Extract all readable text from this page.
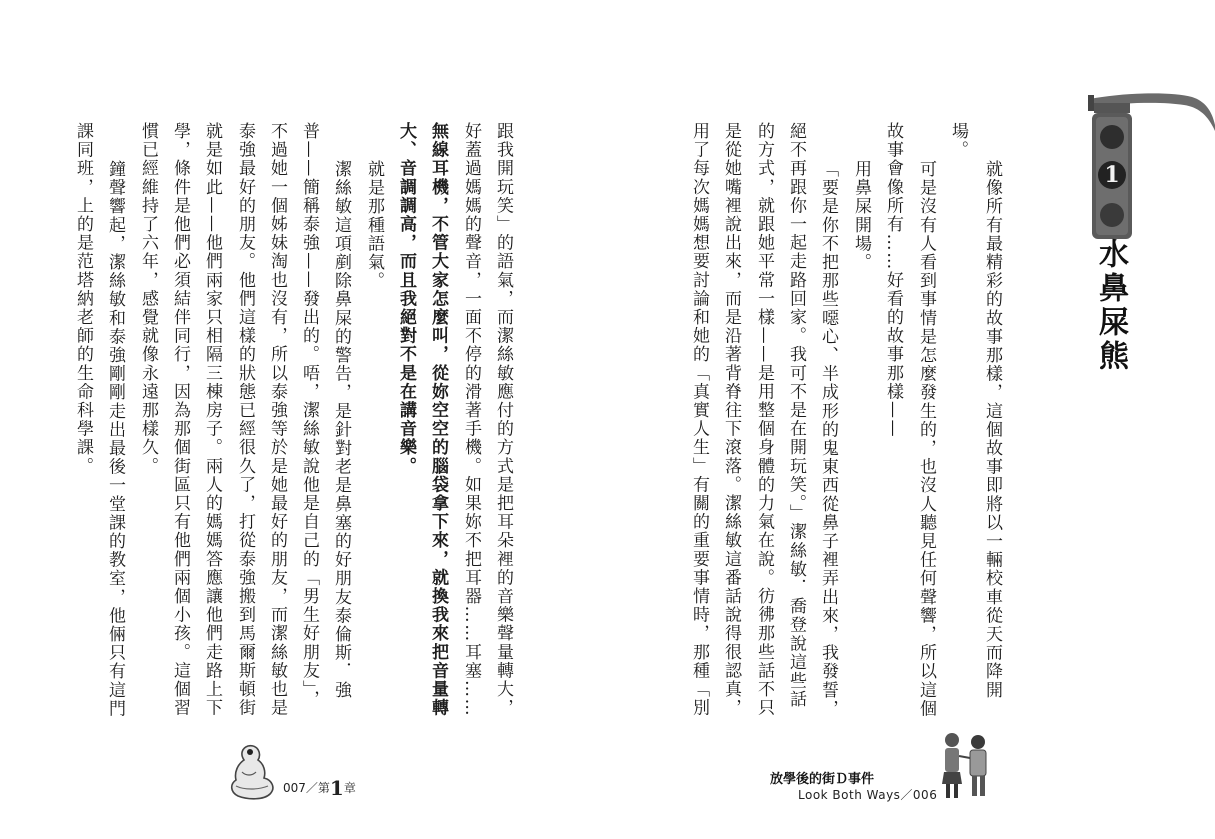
1
水鼻屎熊
就像所有最精彩的故事那樣，這個故事即將以一輛校車從天而降開
場。
可是沒有人看到事情是怎麼發生的，也沒人聽見任何聲響，所以這個
故事會像所有……好看的故事那樣——
用鼻屎開場。
「要是你不把那些噁心、半成形的鬼東西從鼻子裡弄出來，我發誓，
絕不再跟你一起走路回家。我可不是在開玩笑。」潔絲敏．喬登說這些話
的方式，就跟她平常一樣——是用整個身體的力氣在說。彷彿那些話不只
是從她嘴裡說出來，而是沿著背脊往下滾落。潔絲敏這番話說得很認真，
用了每次媽媽想要討論和她的「真實人生」有關的重要事情時，那種「別
跟我開玩笑」的語氣，而潔絲敏應付的方式是把耳朵裡的音樂聲量轉大，
好蓋過媽媽的聲音，一面不停的滑著手機。如果妳不把耳器……耳塞……
無線耳機，不管大家怎麼叫，從妳空空的腦袋拿下來，就換我來把音量轉
大、音調調高，而且我絕對不是在講音樂。
就是那種語氣。
潔絲敏這項剷除鼻屎的警告，是針對老是鼻塞的好朋友泰倫斯．強
普——簡稱泰強——發出的。唔，潔絲敏說他是自己的「男生好朋友」，
不過她一個姊妹淘也沒有，所以泰強等於是她最好的朋友，而潔絲敏也是
泰強最好的朋友。他們這樣的狀態已經很久了，打從泰強搬到馬爾斯頓街
就是如此——他們兩家只相隔三棟房子。兩人的媽媽答應讓他們走路上下
學，條件是他們必須結伴同行，因為那個街區只有他們兩個小孩。這個習
慣已經維持了六年，感覺就像永遠那樣久。
鐘聲響起，潔絲敏和泰強剛剛走出最後一堂課的教室，他倆只有這門
課同班，上的是范塔納老師的生命科學課。
007／第1章
放學後的街Ｄ事件
Look Both Ways／006
